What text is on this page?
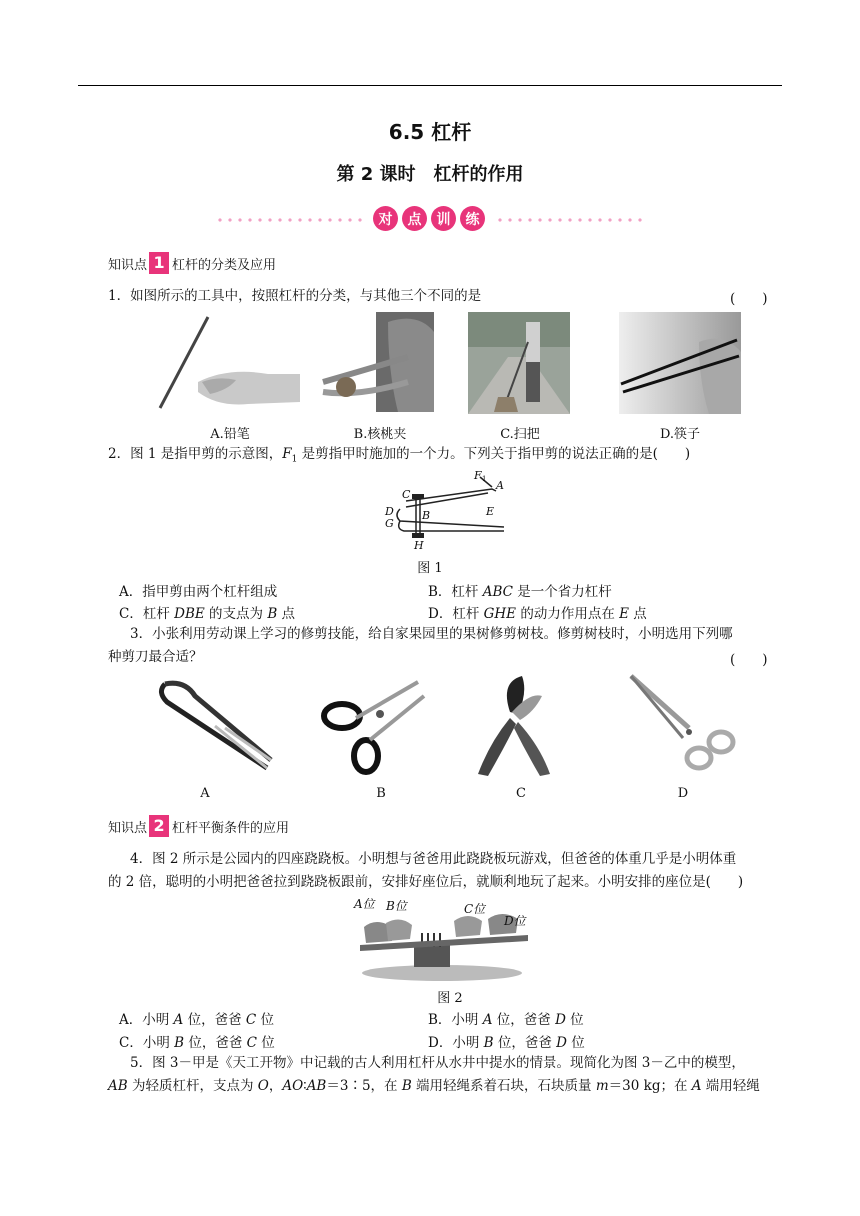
6.5 杠杆
第 2 课时　杠杆的作用
对	点	训	练
知识点 1 杠杆的分类及应用
1．如图所示的工具中，按照杠杆的分类，与其他三个不同的是	(　　)
A.铅笔	B.核桃夹	C.扫把	D.筷子
2．图 1 是指甲剪的示意图，$F_1$ 是剪指甲时施加的一个力。下列关于指甲剪的说法正确的是(　　)
C
D
G
B
H
E
F 1 A
图 1
A．指甲剪由两个杠杆组成	B．杠杆 ABC 是一个省力杠杆
C．杠杆 DBE 的支点为 B 点	D．杠杆 GHE 的动力作用点在 E 点
3．小张利用劳动课上学习的修剪技能，给自家果园里的果树修剪树枝。修剪树枝时，小明选用下列哪
种剪刀最合适？	(　　)
A	B	C	D
知识点 2 杠杆平衡条件的应用
4．图 2 所示是公园内的四座跷跷板。小明想与爸爸用此跷跷板玩游戏，但爸爸的体重几乎是小明体重
的 2 倍，聪明的小明把爸爸拉到跷跷板跟前，安排好座位后，就顺利地玩了起来。小明安排的座位是(　　)
A位 B位	C位
D位
图 2
A．小明 A 位，爸爸 C 位	B．小明 A 位，爸爸 D 位
C．小明 B 位，爸爸 C 位	D．小明 B 位，爸爸 D 位
5．图 3－甲是《天工开物》中记载的古人利用杠杆从水井中提水的情景。现简化为图 3－乙中的模型，
AB 为轻质杠杆，支点为 O，AO∶AB＝3∶5，在 B 端用轻绳系着石块，石块质量 m＝30 kg；在 A 端用轻绳
